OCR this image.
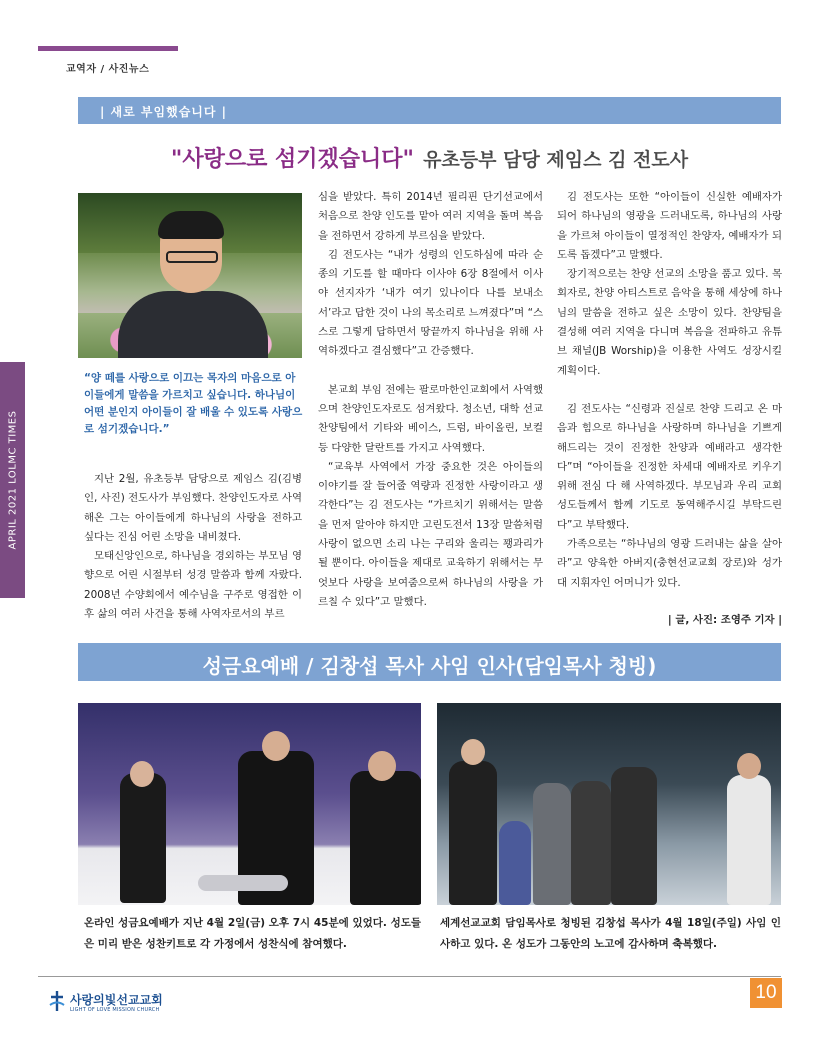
교역자 / 사진뉴스
| 새로 부임했습니다 |
"사랑으로 섬기겠습니다" 유초등부 담당 제임스 김 전도사
“양 떼를 사랑으로 이끄는 목자의 마음으로 아이들에게 말씀을 가르치고 싶습니다. 하나님이 어떤 분인지 아이들이 잘 배울 수 있도록 사랑으로 섬기겠습니다.”

지난 2월, 유초등부 담당으로 제임스 김(김병인, 사진) 전도사가 부임했다. 찬양인도자로 사역해온 그는 아이들에게 하나님의 사랑을 전하고 싶다는 진심 어린 소망을 내비쳤다.

모태신앙인으로, 하나님을 경외하는 부모님 영향으로 어린 시절부터 성경 말씀과 함께 자랐다. 2008년 수양회에서 예수님을 구주로 영접한 이후 삶의 여러 사건을 통해 사역자로서의 부르

심을 받았다. 특히 2014년 필리핀 단기선교에서 처음으로 찬양 인도를 맡아 여러 지역을 돌며 복음을 전하면서 강하게 부르심을 받았다.

김 전도사는 “내가 성령의 인도하심에 따라 순종의 기도를 할 때마다 이사야 6장 8절에서 이사야 선지자가 ‘내가 여기 있나이다 나를 보내소서’라고 답한 것이 나의 목소리로 느껴졌다”며 “스스로 그렇게 답하면서 땅끝까지 하나님을 위해 사역하겠다고 결심했다”고 간증했다.

본교회 부임 전에는 팔로마한인교회에서 사역했으며 찬양인도자로도 섬겨왔다. 청소년, 대학 선교찬양팀에서 기타와 베이스, 드럼, 바이올린, 보컬 등 다양한 달란트를 가지고 사역했다.

“교육부 사역에서 가장 중요한 것은 아이들의 이야기를 잘 들어줄 역량과 진정한 사랑이라고 생각한다”는 김 전도사는 “가르치기 위해서는 말씀을 먼저 알아야 하지만 고린도전서 13장 말씀처럼 사랑이 없으면 소리 나는 구리와 울리는 꽹과리가 될 뿐이다. 아이들을 제대로 교육하기 위해서는 무엇보다 사랑을 보여줌으로써 하나님의 사랑을 가르칠 수 있다”고 말했다.

김 전도사는 또한 “아이들이 신실한 예배자가 되어 하나님의 영광을 드러내도록, 하나님의 사랑을 가르쳐 아이들이 열정적인 찬양자, 예배자가 되도록 돕겠다”고 말했다.

장기적으로는 찬양 선교의 소망을 품고 있다. 목회자로, 찬양 아티스트로 음악을 통해 세상에 하나님의 말씀을 전하고 싶은 소망이 있다. 찬양팀을 결성해 여러 지역을 다니며 복음을 전파하고 유튜브 채널(JB Worship)을 이용한 사역도 성장시킬 계획이다.

김 전도사는 “신령과 진실로 찬양 드리고 온 마음과 힘으로 하나님을 사랑하며 하나님을 기쁘게 해드리는 것이 진정한 찬양과 예배라고 생각한다”며 “아이들을 진정한 차세대 예배자로 키우기 위해 전심 다 해 사역하겠다. 부모님과 우리 교회 성도들께서 함께 기도로 동역해주시길 부탁드린다”고 부탁했다.

가족으로는 “하나님의 영광 드러내는 삶을 살아라”고 양육한 아버지(충현선교교회 장로)와 성가대 지휘자인 어머니가 있다.

| 글, 사진: 조영주 기자 |
APRIL 2021 LOLMC TIMES
성금요예배 / 김창섭 목사 사임 인사(담임목사 청빙)
온라인 성금요예배가 지난 4월 2일(금) 오후 7시 45분에 있었다. 성도들은 미리 받은 성찬키트로 각 가정에서 성찬식에 참여했다.
세계선교교회 담임목사로 청빙된 김창섭 목사가 4월 18일(주일) 사임 인사하고 있다. 온 성도가 그동안의 노고에 감사하며 축복했다.
사랑의빛선교교회
LIGHT OF LOVE MISSION CHURCH
10
